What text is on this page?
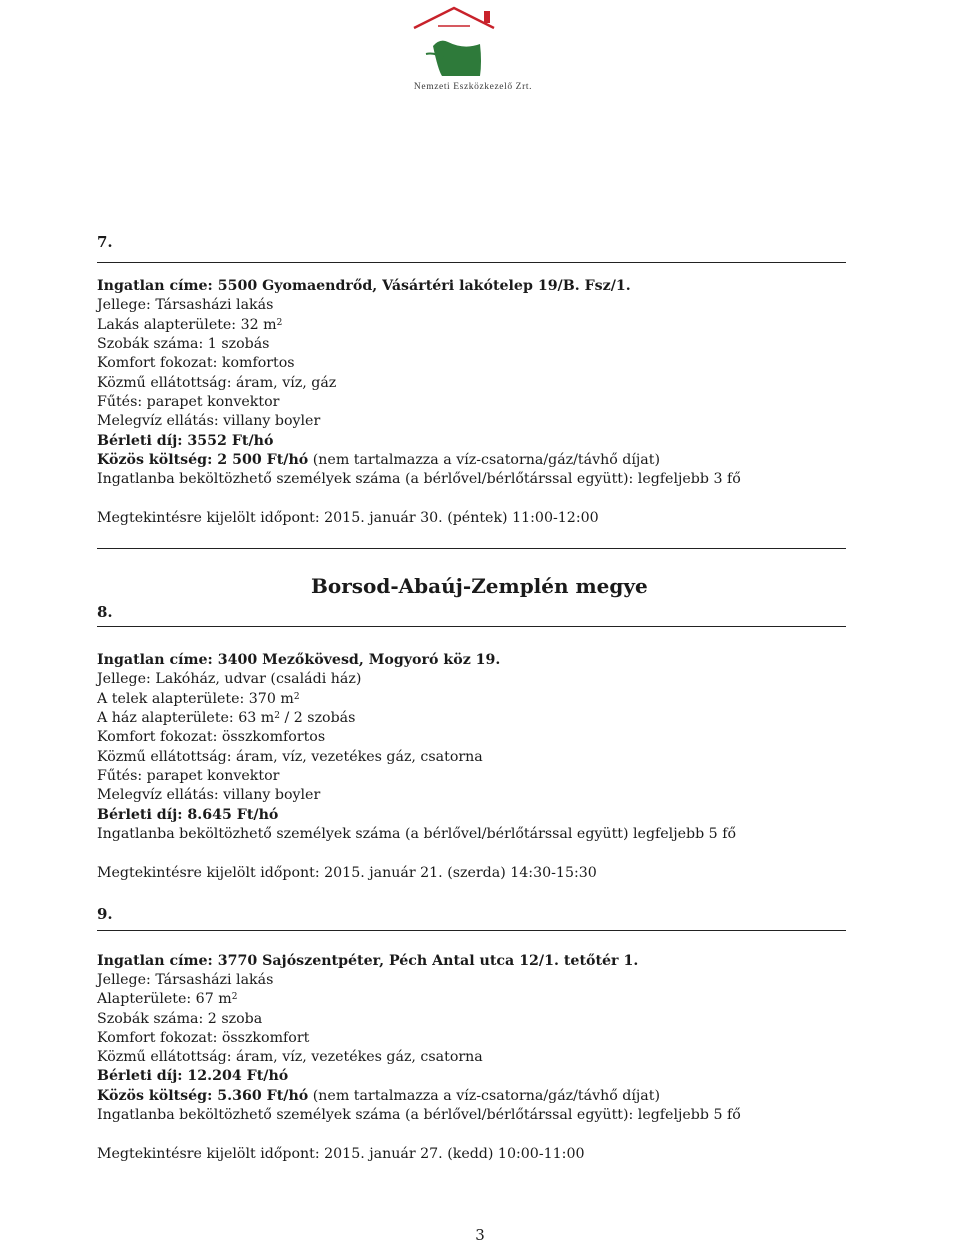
Nemzeti Eszközkezelő Zrt.
7.
Ingatlan címe: 5500 Gyomaendrőd, Vásártéri lakótelep 19/B. Fsz/1.
Jellege: Társasházi lakás
Lakás alapterülete: 32 $m^2$
Szobák száma: 1 szobás
Komfort fokozat: komfortos
Közmű ellátottság: áram, víz, gáz
Fűtés: parapet konvektor
Melegvíz ellátás: villany boyler
Bérleti díj: 3552 Ft/hó
Közös költség: 2 500 Ft/hó (nem tartalmazza a víz-csatorna/gáz/távhő díjat)
Ingatlanba beköltözhető személyek száma (a bérlővel/bérlőtárssal együtt): legfeljebb 3 fő
Megtekintésre kijelölt időpont: 2015. január 30. (péntek) 11:00-12:00
Borsod-Abaúj-Zemplén megye
8.
Ingatlan címe: 3400 Mezőkövesd, Mogyoró köz 19.
Jellege: Lakóház, udvar (családi ház)
A telek alapterülete: 370 $m^2$
A ház alapterülete: 63 $m^2 / 2$ szobás
Komfort fokozat: összkomfortos
Közmű ellátottság: áram, víz, vezetékes gáz, csatorna
Fűtés: parapet konvektor
Melegvíz ellátás: villany boyler
Bérleti díj: 8.645 Ft/hó
Ingatlanba beköltözhető személyek száma (a bérlővel/bérlőtárssal együtt) legfeljebb 5 fő
Megtekintésre kijelölt időpont: 2015. január 21. (szerda) 14:30-15:30
9.
Ingatlan címe: 3770 Sajószentpéter, Péch Antal utca 12/1. tetőtér 1.
Jellege: Társasházi lakás
Alapterülete: 67 $m^2$
Szobák száma: 2 szoba
Komfort fokozat: összkomfort
Közmű ellátottság: áram, víz, vezetékes gáz, csatorna
Bérleti díj: 12.204 Ft/hó
Közös költség: 5.360 Ft/hó (nem tartalmazza a víz-csatorna/gáz/távhő díjat)
Ingatlanba beköltözhető személyek száma (a bérlővel/bérlőtárssal együtt): legfeljebb 5 fő
Megtekintésre kijelölt időpont: 2015. január 27. (kedd) 10:00-11:00
3
